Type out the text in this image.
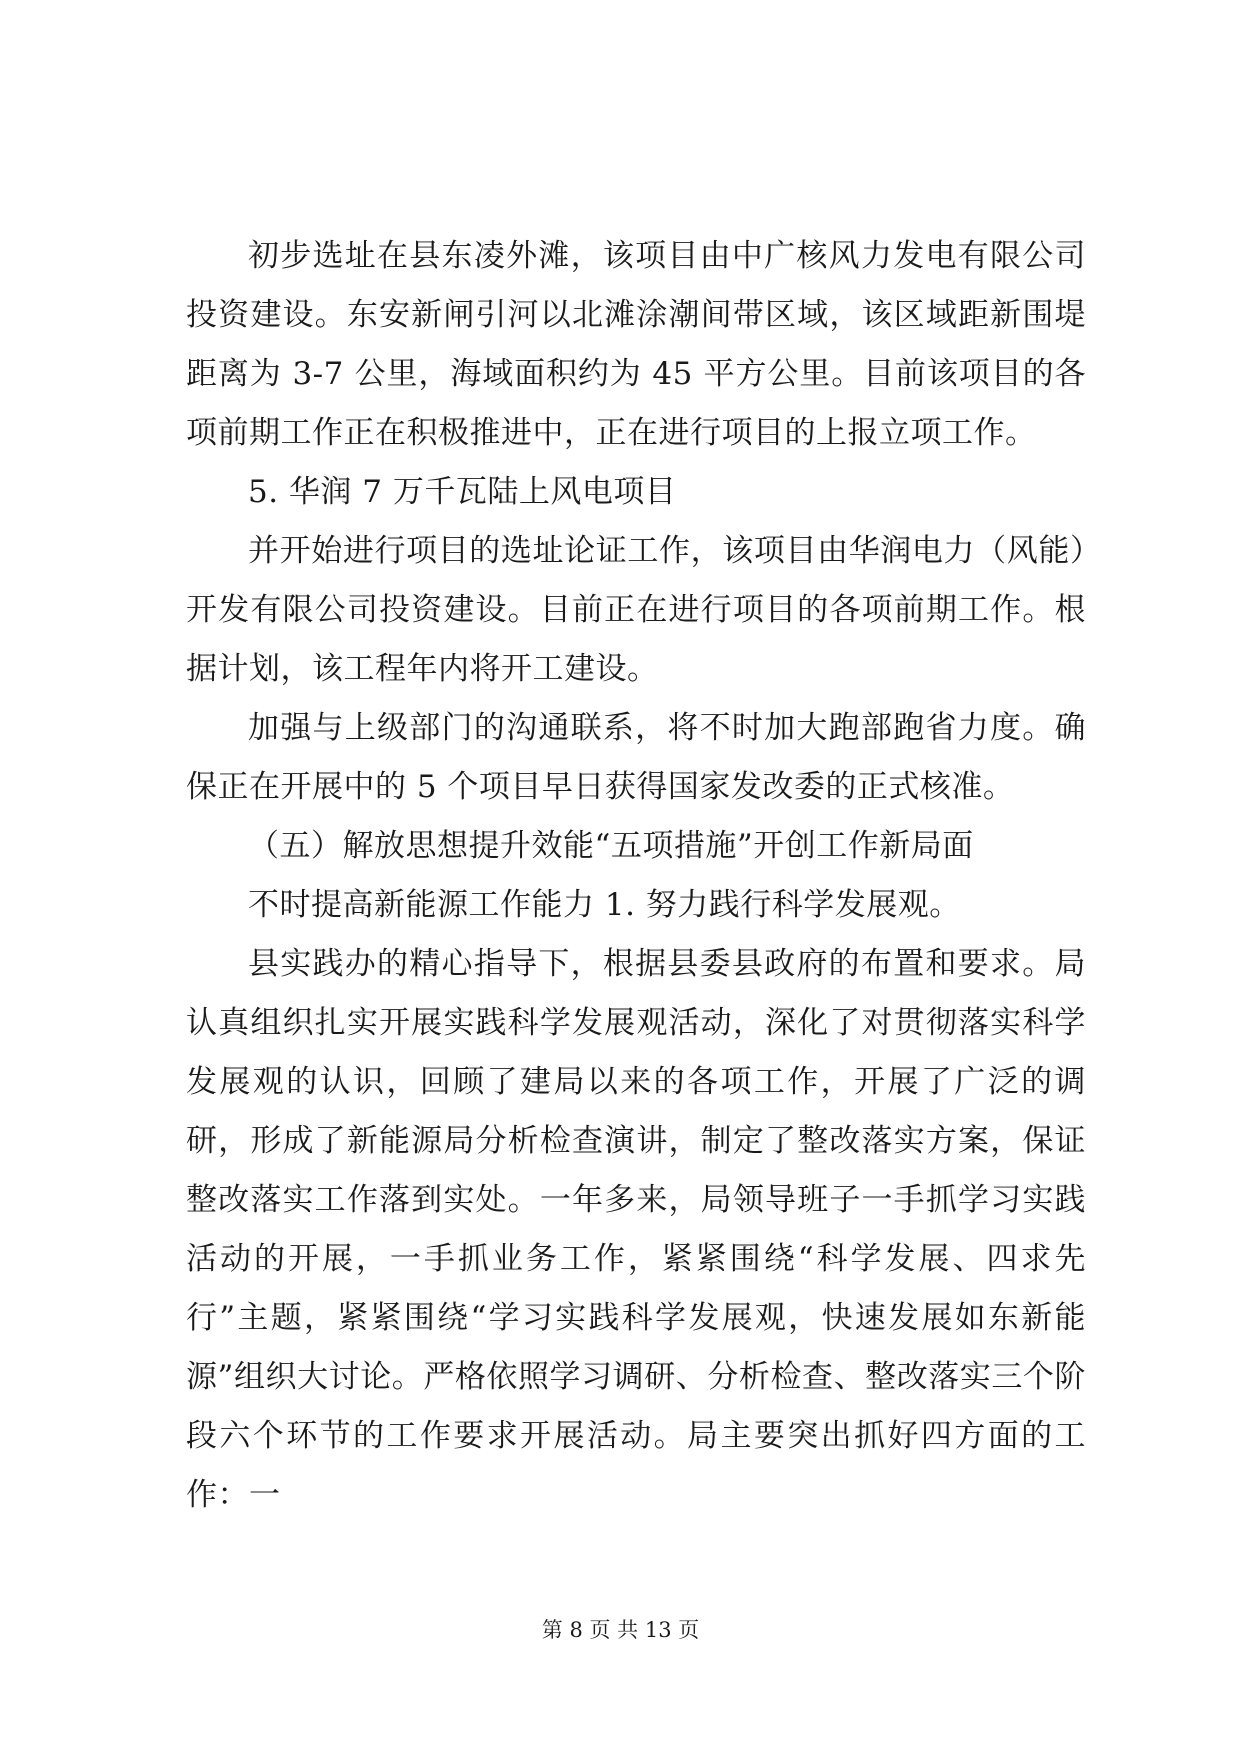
初步选址在县东凌外滩，该项目由中广核风力发电有限公司投资建设。东安新闸引河以北滩涂潮间带区域，该区域距新围堤距离为 3-7 公里，海域面积约为 45 平方公里。目前该项目的各项前期工作正在积极推进中，正在进行项目的上报立项工作。

5. 华润 7 万千瓦陆上风电项目

并开始进行项目的选址论证工作，该项目由华润电力（风能）开发有限公司投资建设。目前正在进行项目的各项前期工作。根据计划，该工程年内将开工建设。

加强与上级部门的沟通联系，将不时加大跑部跑省力度。确保正在开展中的 5 个项目早日获得国家发改委的正式核准。

（五）解放思想提升效能“五项措施”开创工作新局面

不时提高新能源工作能力 1. 努力践行科学发展观。

县实践办的精心指导下，根据县委县政府的布置和要求。局认真组织扎实开展实践科学发展观活动，深化了对贯彻落实科学发展观的认识，回顾了建局以来的各项工作，开展了广泛的调研，形成了新能源局分析检查演讲，制定了整改落实方案，保证整改落实工作落到实处。一年多来，局领导班子一手抓学习实践活动的开展，一手抓业务工作，紧紧围绕“科学发展、四求先行”主题，紧紧围绕“学习实践科学发展观，快速发展如东新能源”组织大讨论。严格依照学习调研、分析检查、整改落实三个阶段六个环节的工作要求开展活动。局主要突出抓好四方面的工作：一

第 8 页 共 13 页
